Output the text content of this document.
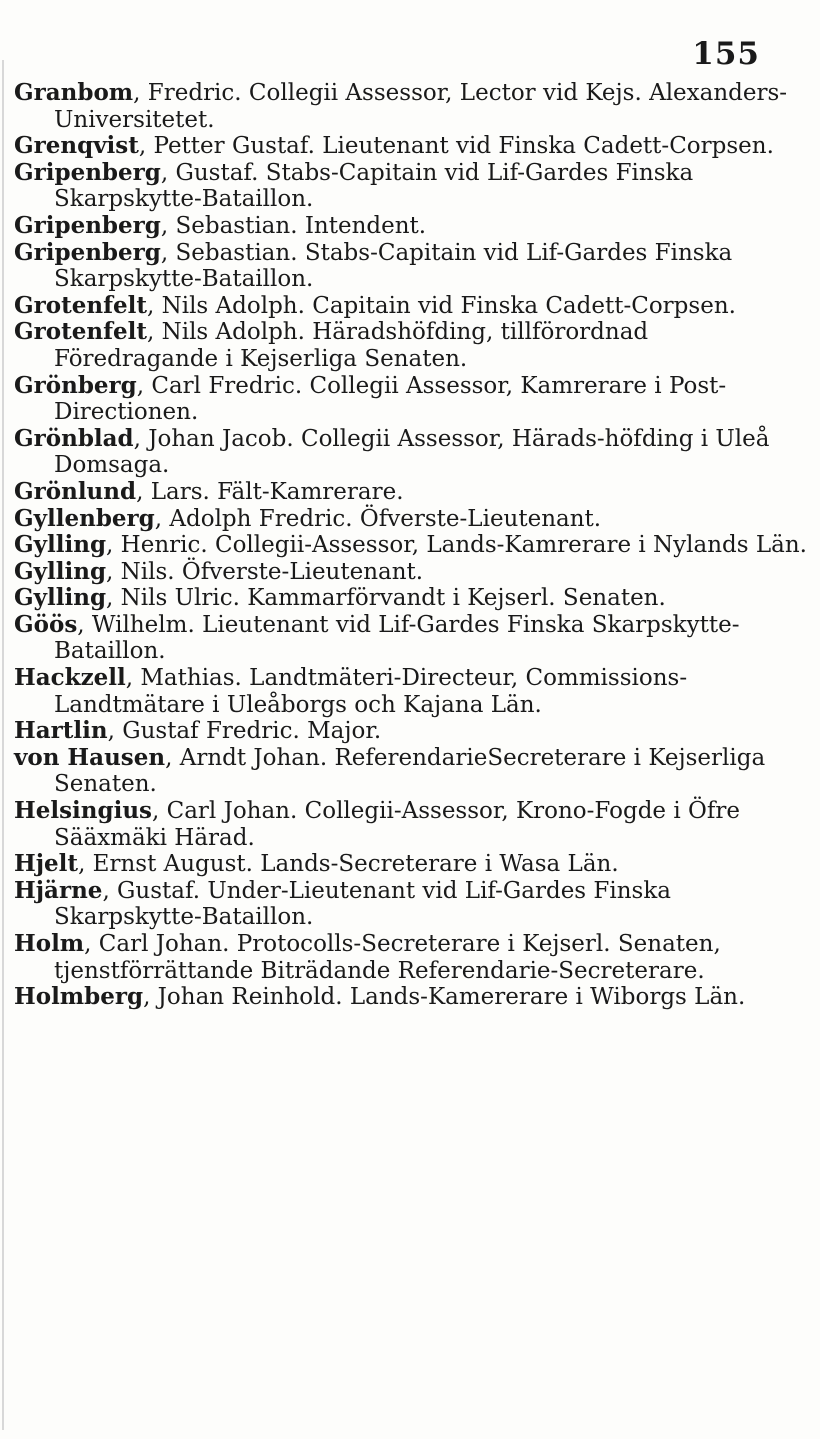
155
Granbom, Fredric. Collegii Assessor, Lector vid Kejs. Alexanders-Universitetet.
Grenqvist, Petter Gustaf. Lieutenant vid Finska Cadett-Corpsen.
Gripenberg, Gustaf. Stabs-Capitain vid Lif-Gardes Finska Skarpskytte-Bataillon.
Gripenberg, Sebastian. Intendent.
Gripenberg, Sebastian. Stabs-Capitain vid Lif-Gardes Finska Skarpskytte-Bataillon.
Grotenfelt, Nils Adolph. Capitain vid Finska Cadett-Corpsen.
Grotenfelt, Nils Adolph. Häradshöfding, tillförordnad Föredragande i Kejserliga Senaten.
Grönberg, Carl Fredric. Collegii Assessor, Kamrerare i Post-Directionen.
Grönblad, Johan Jacob. Collegii Assessor, Härads-höfding i Uleå Domsaga.
Grönlund, Lars. Fält-Kamrerare.
Gyllenberg, Adolph Fredric. Öfverste-Lieutenant.
Gylling, Henric. Collegii-Assessor, Lands-Kamrerare i Nylands Län.
Gylling, Nils. Öfverste-Lieutenant.
Gylling, Nils Ulric. Kammarförvandt i Kejserl. Senaten.
Göös, Wilhelm. Lieutenant vid Lif-Gardes Finska Skarpskytte-Bataillon.
Hackzell, Mathias. Landtmäteri-Directeur, Commissions-Landtmätare i Uleåborgs och Kajana Län.
Hartlin, Gustaf Fredric. Major.
von Hausen, Arndt Johan. ReferendarieSecreterare i Kejserliga Senaten.
Helsingius, Carl Johan. Collegii-Assessor, Krono-Fogde i Öfre Sääxmäki Härad.
Hjelt, Ernst August. Lands-Secreterare i Wasa Län.
Hjärne, Gustaf. Under-Lieutenant vid Lif-Gardes Finska Skarpskytte-Bataillon.
Holm, Carl Johan. Protocolls-Secreterare i Kejserl. Senaten, tjenstförrättande Biträdande Referendarie-Secreterare.
Holmberg, Johan Reinhold. Lands-Kamererare i Wiborgs Län.
